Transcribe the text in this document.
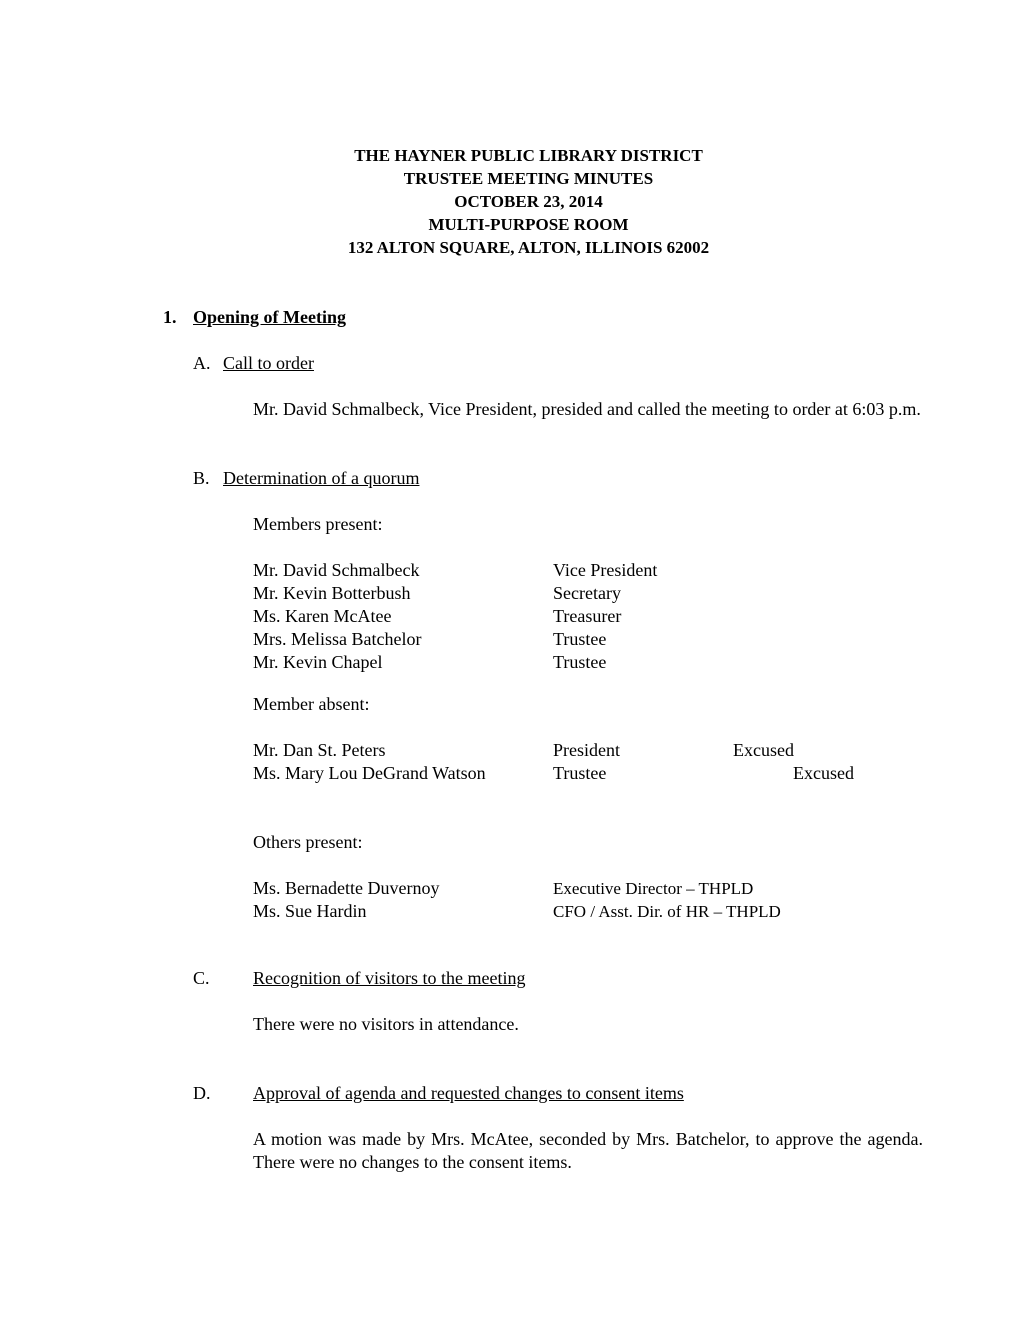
THE HAYNER PUBLIC LIBRARY DISTRICT
TRUSTEE MEETING MINUTES
OCTOBER 23, 2014
MULTI-PURPOSE ROOM
132 ALTON SQUARE, ALTON, ILLINOIS 62002
1. Opening of Meeting
A. Call to order
Mr. David Schmalbeck, Vice President, presided and called the meeting to order at 6:03 p.m.
B. Determination of a quorum
Members present:
Mr. David Schmalbeck	Vice President
Mr. Kevin Botterbush	Secretary
Ms. Karen McAtee	Treasurer
Mrs. Melissa Batchelor	Trustee
Mr. Kevin Chapel	Trustee
Member absent:
Mr. Dan St. Peters	President	Excused
Ms. Mary Lou DeGrand Watson	Trustee	Excused
Others present:
Ms. Bernadette Duvernoy	Executive Director – THPLD
Ms. Sue Hardin	CFO / Asst. Dir. of HR – THPLD
C. Recognition of visitors to the meeting
There were no visitors in attendance.
D. Approval of agenda and requested changes to consent items
A motion was made by Mrs. McAtee, seconded by Mrs. Batchelor, to approve the agenda. There were no changes to the consent items.
